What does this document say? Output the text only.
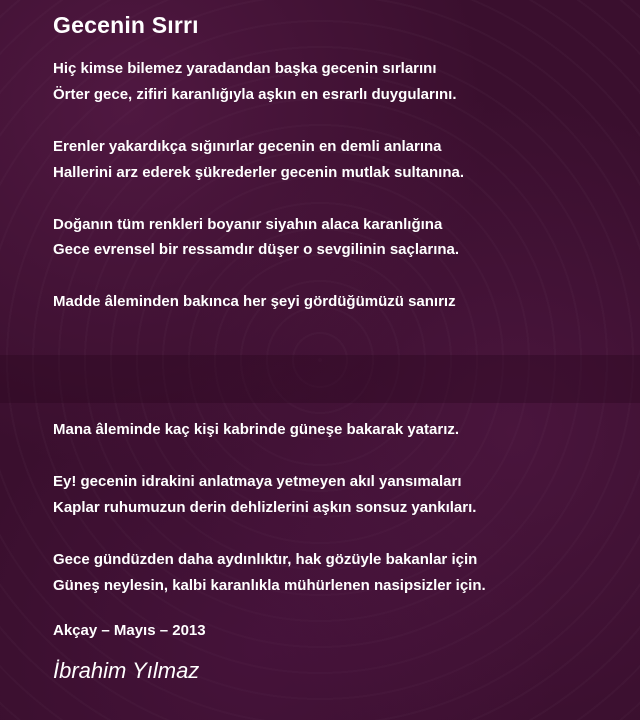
Gecenin Sırrı
Hiç kimse bilemez yaradandan başka gecenin sırlarını
Örter gece, zifiri karanlığıyla aşkın en esrarlı duygularını.
Erenler yakardıkça sığınırlar gecenin en demli anlarına
Hallerini arz ederek şükrederler gecenin mutlak sultanına.
Doğanın tüm renkleri boyanır siyahın alaca karanlığına
Gece evrensel bir ressamdır düşer o sevgilinin saçlarına.
Madde âleminden bakınca her şeyi gördüğümüzü sanırız
Mana âleminde kaç kişi kabrinde güneşe bakarak yatarız.
Ey! gecenin idrakini anlatmaya yetmeyen akıl yansımaları
Kaplar ruhumuzun derin dehlizlerini aşkın sonsuz yankıları.
Gece gündüzden daha aydınlıktır, hak gözüyle bakanlar için
Güneş neylesin, kalbi karanlıkla mühürlenen nasipsizler için.
Akçay – Mayıs – 2013
İbrahim Yılmaz
